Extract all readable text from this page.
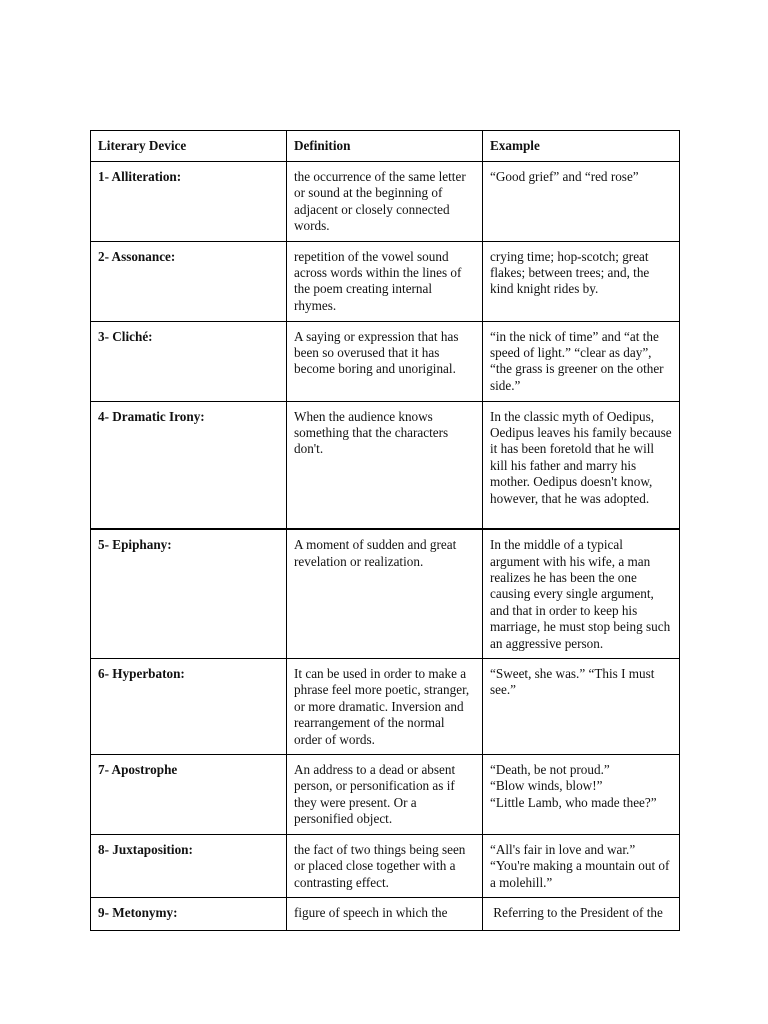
Literary Device	Definition	Example
1- Alliteration:	the occurrence of the same letter or sound at the beginning of adjacent or closely connected words.	“Good grief” and “red rose”

2- Assonance:	repetition of the vowel sound across words within the lines of the poem creating internal rhymes.	crying time; hop-scotch; great flakes; between trees; and, the kind knight rides by.

3- Cliché:	A saying or expression that has been so overused that it has become boring and unoriginal.	“in the nick of time” and “at the speed of light.” “clear as day”, “the grass is greener on the other side.”

4- Dramatic Irony:	When the audience knows something that the characters don't.	In the classic myth of Oedipus, Oedipus leaves his family because it has been foretold that he will kill his father and marry his mother. Oedipus doesn't know, however, that he was adopted.

5- Epiphany:	A moment of sudden and great revelation or realization.	In the middle of a typical argument with his wife, a man realizes he has been the one causing every single argument, and that in order to keep his marriage, he must stop being such an aggressive person.

6- Hyperbaton:	It can be used in order to make a phrase feel more poetic, stranger, or more dramatic. Inversion and rearrangement of the normal order of words.	“Sweet, she was.” “This I must see.”

7- Apostrophe	An address to a dead or absent person, or personification as if they were present. Or a personified object.	“Death, be not proud.”
“Blow winds, blow!”
“Little Lamb, who made thee?”

8- Juxtaposition:	the fact of two things being seen or placed close together with a contrasting effect.	“All's fair in love and war.”
“You're making a mountain out of a molehill.”

9- Metonymy:	figure of speech in which the	Referring to the President of the
